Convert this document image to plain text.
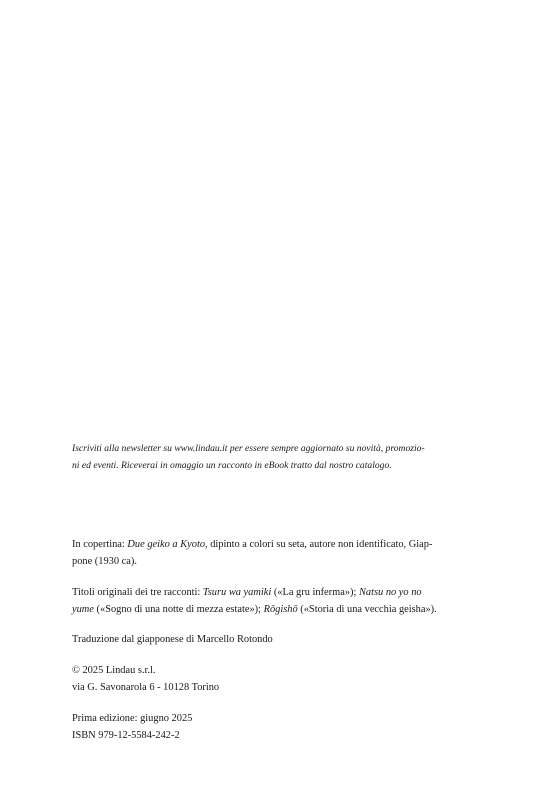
Iscriviti alla newsletter su www.lindau.it per essere sempre aggiornato su novità, promozio-
ni ed eventi. Riceverai in omaggio un racconto in eBook tratto dal nostro catalogo.

In copertina: Due geiko a Kyoto, dipinto a colori su seta, autore non identificato, Giap-
pone (1930 ca).

Titoli originali dei tre racconti: Tsuru wa yamiki («La gru inferma»); Natsu no yo no
yume («Sogno di una notte di mezza estate»); Rōgishō («Storia di una vecchia geisha»).

Traduzione dal giapponese di Marcello Rotondo

© 2025 Lindau s.r.l.
via G. Savonarola 6 - 10128 Torino

Prima edizione: giugno 2025
ISBN 979-12-5584-242-2
